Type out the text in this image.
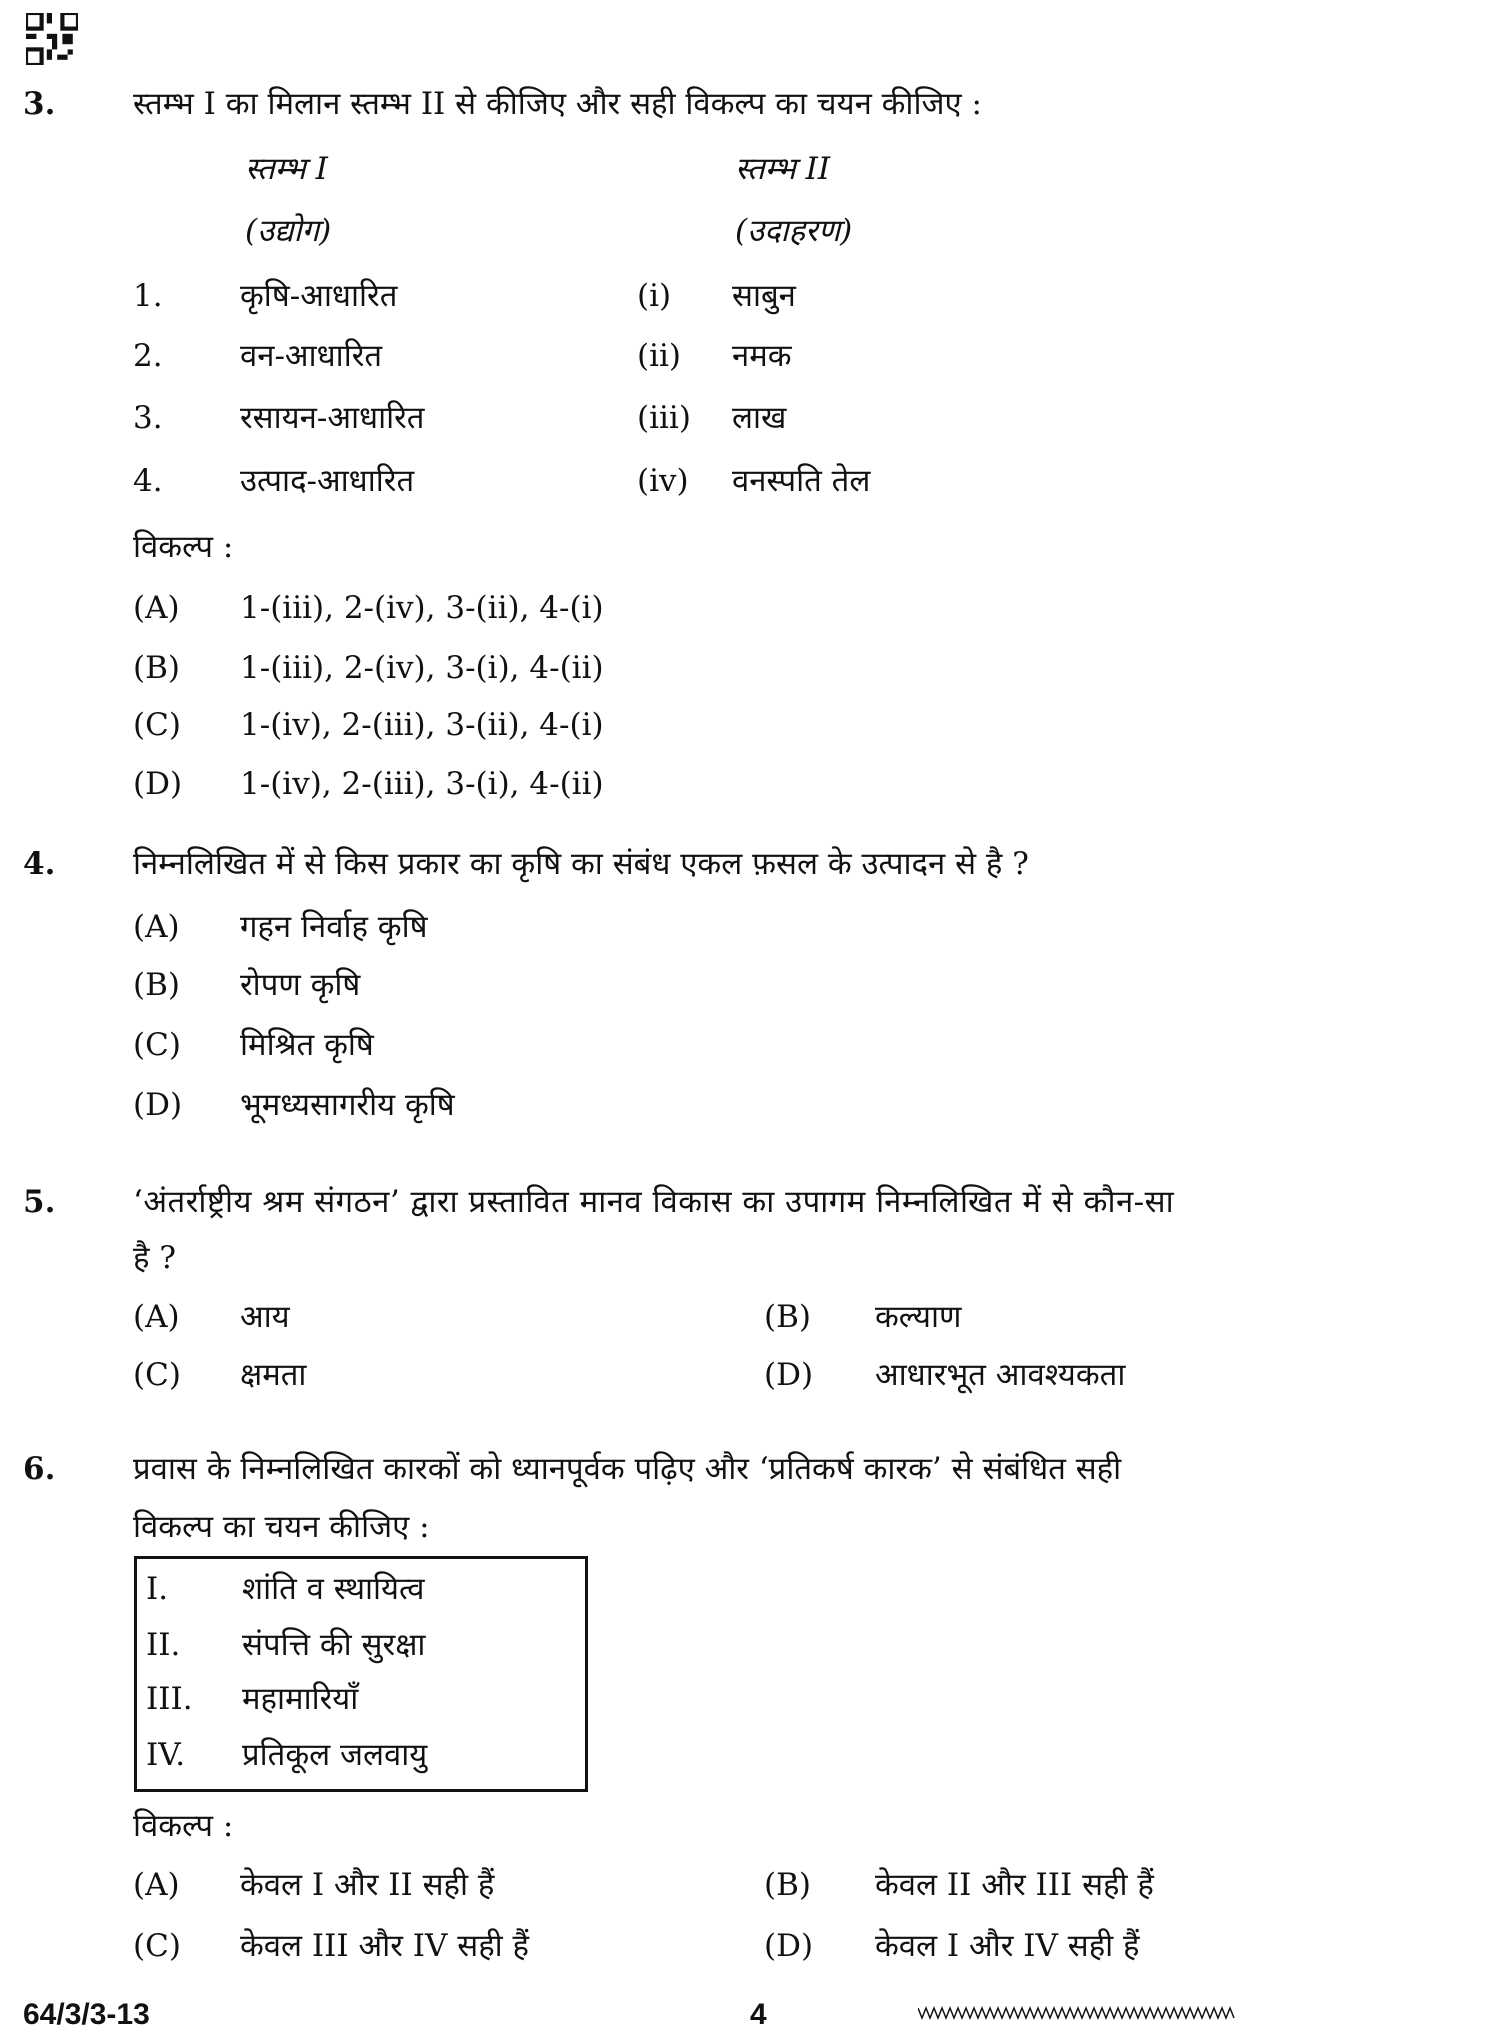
3.	स्तम्भ I का मिलान स्तम्भ II से कीजिए और सही विकल्प का चयन कीजिए :
स्तम्भ I
(उद्योग)
स्तम्भ II
(उदाहरण)
1. कृषि-आधारित	(i) साबुन
2. वन-आधारित	(ii) नमक
3. रसायन-आधारित	(iii) लाख
4. उत्पाद-आधारित	(iv) वनस्पति तेल
विकल्प :
(A) 1-(iii), 2-(iv), 3-(ii), 4-(i)
(B) 1-(iii), 2-(iv), 3-(i), 4-(ii)
(C) 1-(iv), 2-(iii), 3-(ii), 4-(i)
(D) 1-(iv), 2-(iii), 3-(i), 4-(ii)
4.	निम्नलिखित में से किस प्रकार का कृषि का संबंध एकल फ़सल के उत्पादन से है ?
(A) गहन निर्वाह कृषि
(B) रोपण कृषि
(C) मिश्रित कृषि
(D) भूमध्यसागरीय कृषि
5.	‘अंतर्राष्ट्रीय श्रम संगठन’ द्वारा प्रस्तावित मानव विकास का उपागम निम्नलिखित में से कौन-सा
है ?
(A) आय	(B) कल्याण
(C) क्षमता	(D) आधारभूत आवश्यकता
6.	प्रवास के निम्नलिखित कारकों को ध्यानपूर्वक पढ़िए और ‘प्रतिकर्ष कारक’ से संबंधित सही
विकल्प का चयन कीजिए :
I. शांति व स्थायित्व
II. संपत्ति की सुरक्षा
III. महामारियाँ
IV. प्रतिकूल जलवायु
विकल्प :
(A) केवल I और II सही हैं	(B) केवल II और III सही हैं
(C) केवल III और IV सही हैं	(D) केवल I और IV सही हैं
64/3/3-13	4
